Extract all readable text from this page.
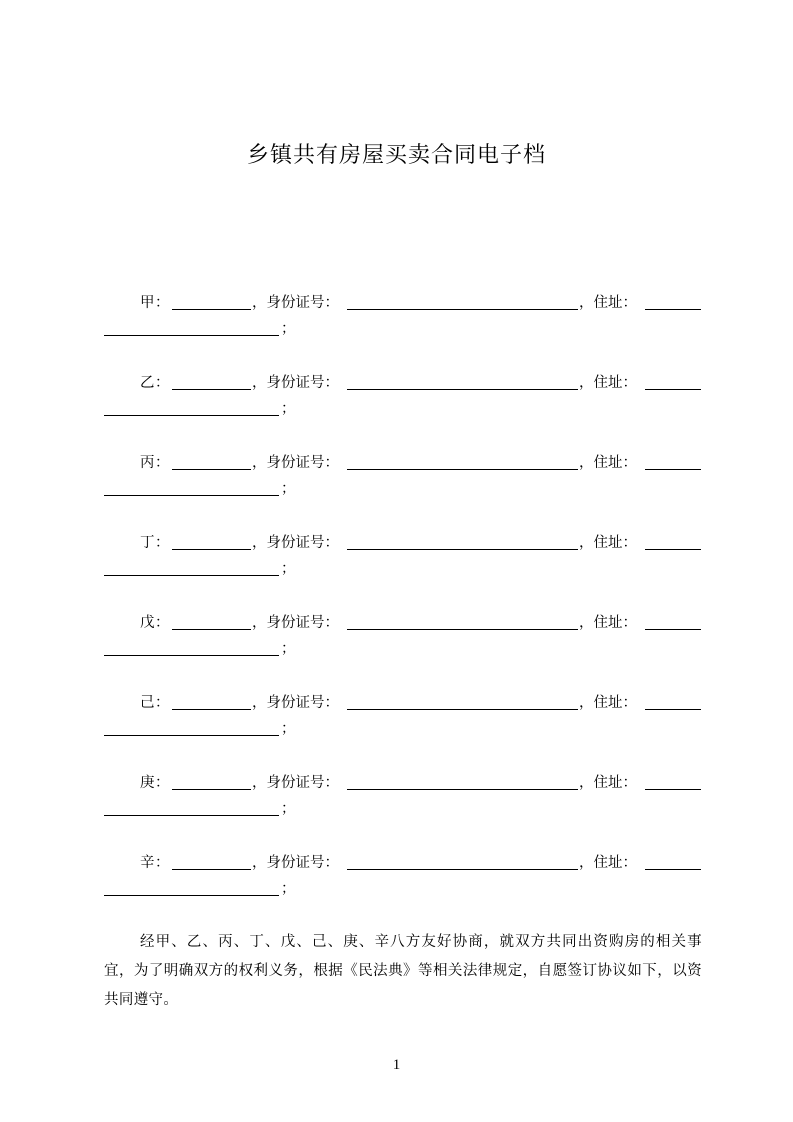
乡镇共有房屋买卖合同电子档
甲 ：	，身份证号：	，住址：
；
乙 ：	，身份证号：	，住址：
；
丙 ：	，身份证号：	，住址：
；
丁 ：	，身份证号：	，住址：
；
戊 ：	，身份证号：	，住址：
；
己 ：	，身份证号：	，住址：
；
庚 ：	，身份证号：	，住址：
；
辛 ：	，身份证号：	，住址：
；
经甲、乙、丙、丁、戊、己、庚、辛八方友好协商，就双方共同出资购房的相关事宜，为了明确双方的权利义务，根据《民法典》等相关法律规定，自愿签订协议如下，以资共同遵守。
1
